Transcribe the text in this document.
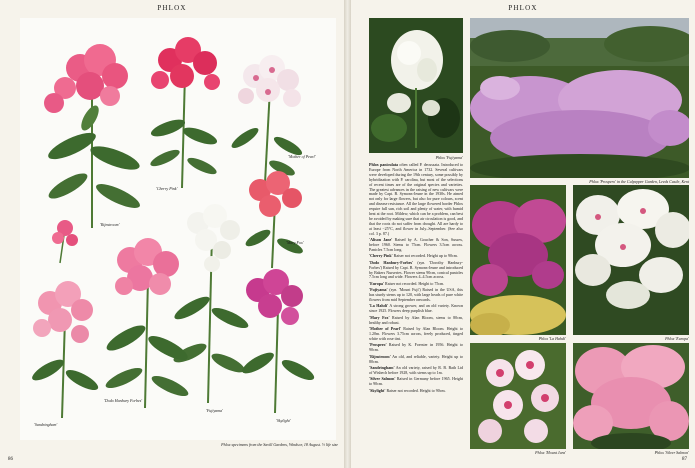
PHLOX
'Cherry Pink'
'Mother of Pearl'
'Rijnstroom'
'Mary Fox'
'Sandringham'
'Dodo Hanbury Forbes'
'Fujiyama'
'Skylight'
Phlox specimens from the Savill Gardens, Windsor, 18 August. ½ life size
86
PHLOX
Phlox 'Fujiyama'
Phlox 'Prospero' in the Culpepper Garden, Leeds Castle, Kent
Phlox 'La Hahdi'	Phlox 'Europa'
Phlox 'Mount Jura'	Phlox 'Silver Salmon'

Phlox paniculata often called P. decussata. Introduced to Europe from North America in 1732. Several cultivars were developed during the 19th century, some possibly by hybridization with P. carolina, but most of the selections of recent times are of the original species and varieties. The greatest advances in the raising of new cultivars were made by Capt. B. Symons-Jeune in the 1930s. He aimed not only for large flowers, but also for pure colours, scent and disease resistance. All the large flowered border Phlox require full sun, rich soil and plenty of water, with humid heat at the root. Mildew, which can be a problem, can best be avoided by making sure that air circulation is good, and that the roots do not suffer from drought. All are hardy to at least −25°C, and flower in July–September. (See also col. 3 p. 87.)

'Alison Jane' Raised by A. Goucher & Son, Sussex, before 1960. Stems to 75cm. Flowers 3.5cm across. Panicles 7.5cm long.

'Cherry Pink' Raiser not recorded. Height up to 90cm.

'Dodo Hanbury-Forbes' (syn. 'Dorothy Hanbury-Forbes') Raised by Capt. B. Symons-Jeune and introduced by Bakers Nurseries. Flower stems 90cm, conical panicles 7.5cm long and wide. Flowers 4–4.5cm across.

'Europa' Raiser not recorded. Height to 75cm.

'Fujiyama' (syn. 'Mount Fuji') Raised in the USA, this has sturdy stems up to 120, with large heads of pure white flowers from mid September onwards.

'La Hahdi' A strong grower, and an old variety. Known since 1925. Flowers deep purplish blue.

'Mary Fox' Raised by Alan Bloom, stems to 80cm, healthy and robust.

'Mother of Pearl' Raised by Alan Bloom. Height to 1.20m. Flowers 3.75cm across, freely produced, tinged white with rose tint.

'Prospero' Raised by K. Foerster in 1956. Height to 90cm.

'Rijnstroom' An old, and reliable, variety. Height up to 80cm.

'Sandringham' An old variety, raised by R. B. Bath Ltd of Wisbech before 1928, with stems up to 1m.

'Silver Salmon' Raised in Germany before 1965. Height to 90cm.

'Skylight' Raiser not recorded. Height to 90cm.

87
